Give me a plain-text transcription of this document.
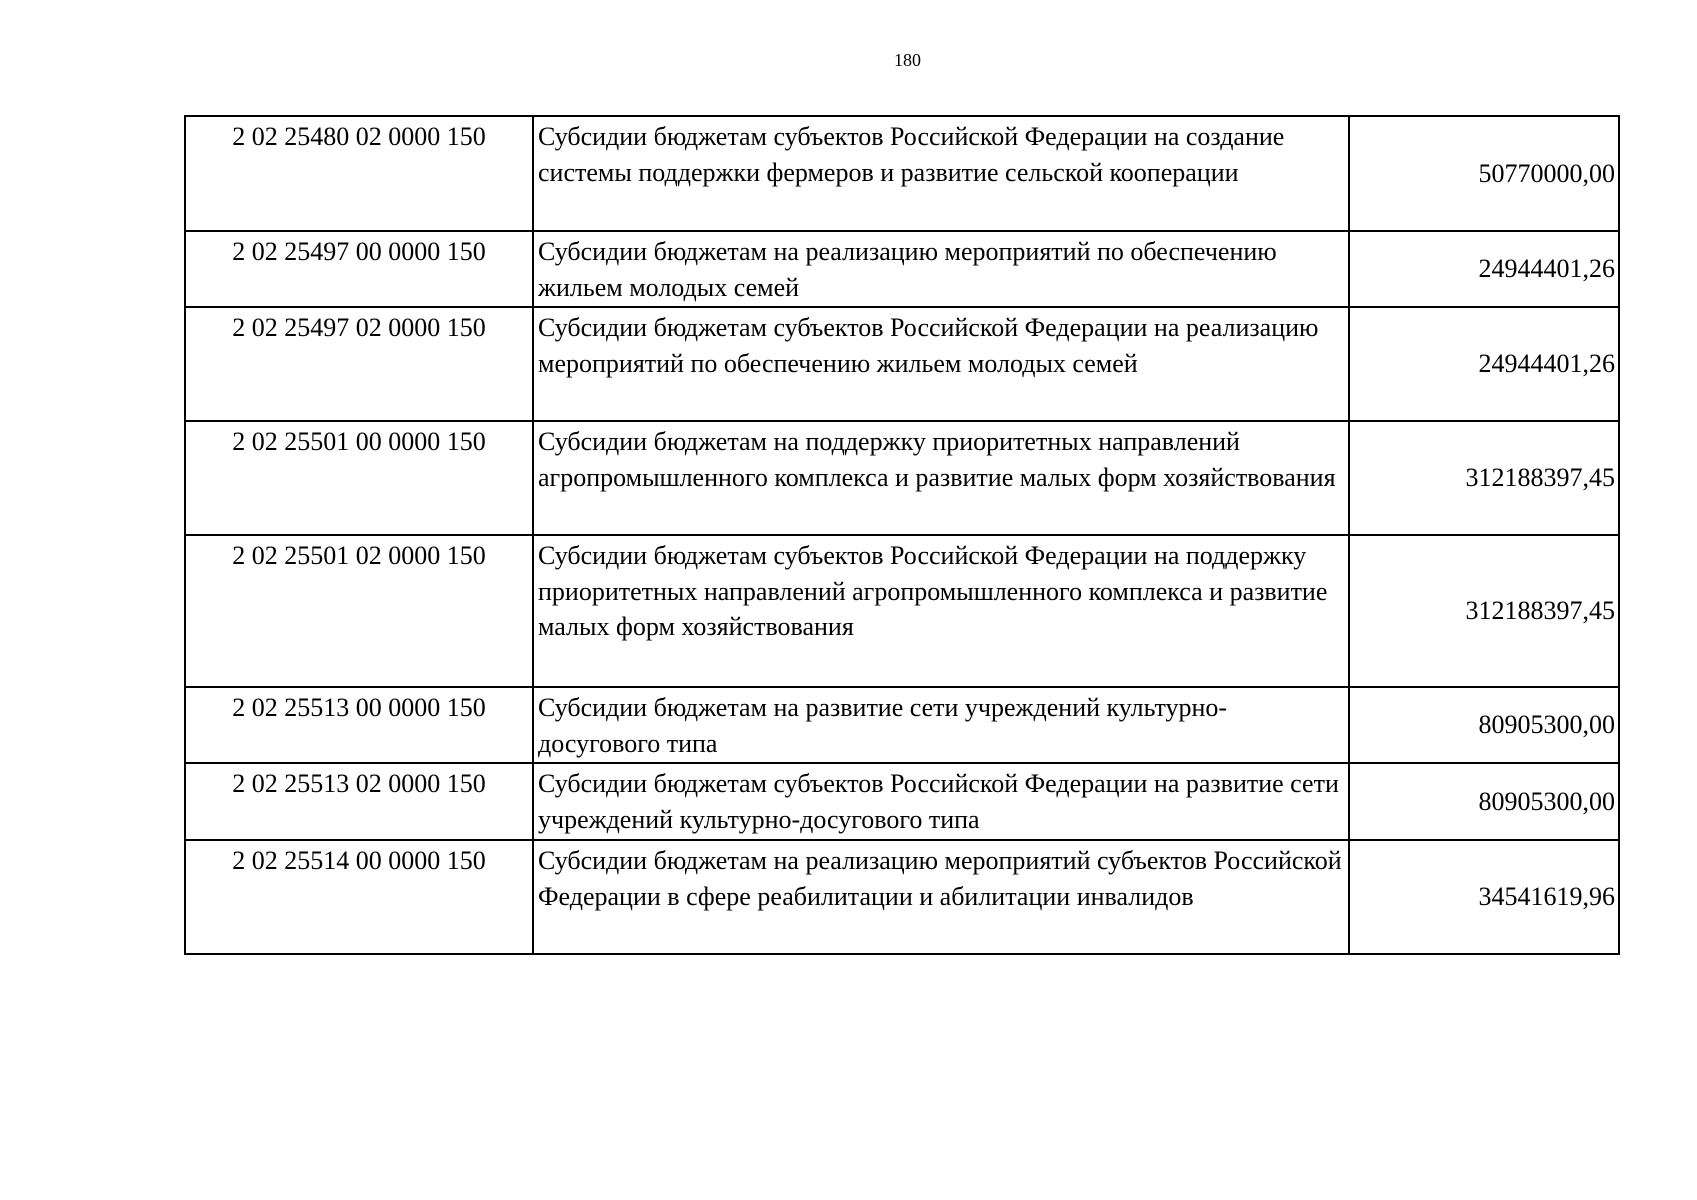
180
2 02 25480 02 0000 150	Субсидии бюджетам субъектов Российской Федерации на создание системы поддержки фермеров и развитие сельской кооперации	50770000,00
2 02 25497 00 0000 150	Субсидии бюджетам на реализацию мероприятий по обеспечению жильем молодых семей	24944401,26
2 02 25497 02 0000 150	Субсидии бюджетам субъектов Российской Федерации на реализацию мероприятий по обеспечению жильем молодых семей	24944401,26
2 02 25501 00 0000 150	Субсидии бюджетам на поддержку приоритетных направлений агропромышленного комплекса и развитие малых форм хозяйствования	312188397,45
2 02 25501 02 0000 150	Субсидии бюджетам субъектов Российской Федерации на поддержку приоритетных направлений агропромышленного комплекса и развитие малых форм хозяйствования	312188397,45
2 02 25513 00 0000 150	Субсидии бюджетам на развитие сети учреждений культурно-досугового типа	80905300,00
2 02 25513 02 0000 150	Субсидии бюджетам субъектов Российской Федерации на развитие сети учреждений культурно-досугового типа	80905300,00
2 02 25514 00 0000 150	Субсидии бюджетам на реализацию мероприятий субъектов Российской Федерации в сфере реабилитации и абилитации инвалидов	34541619,96
